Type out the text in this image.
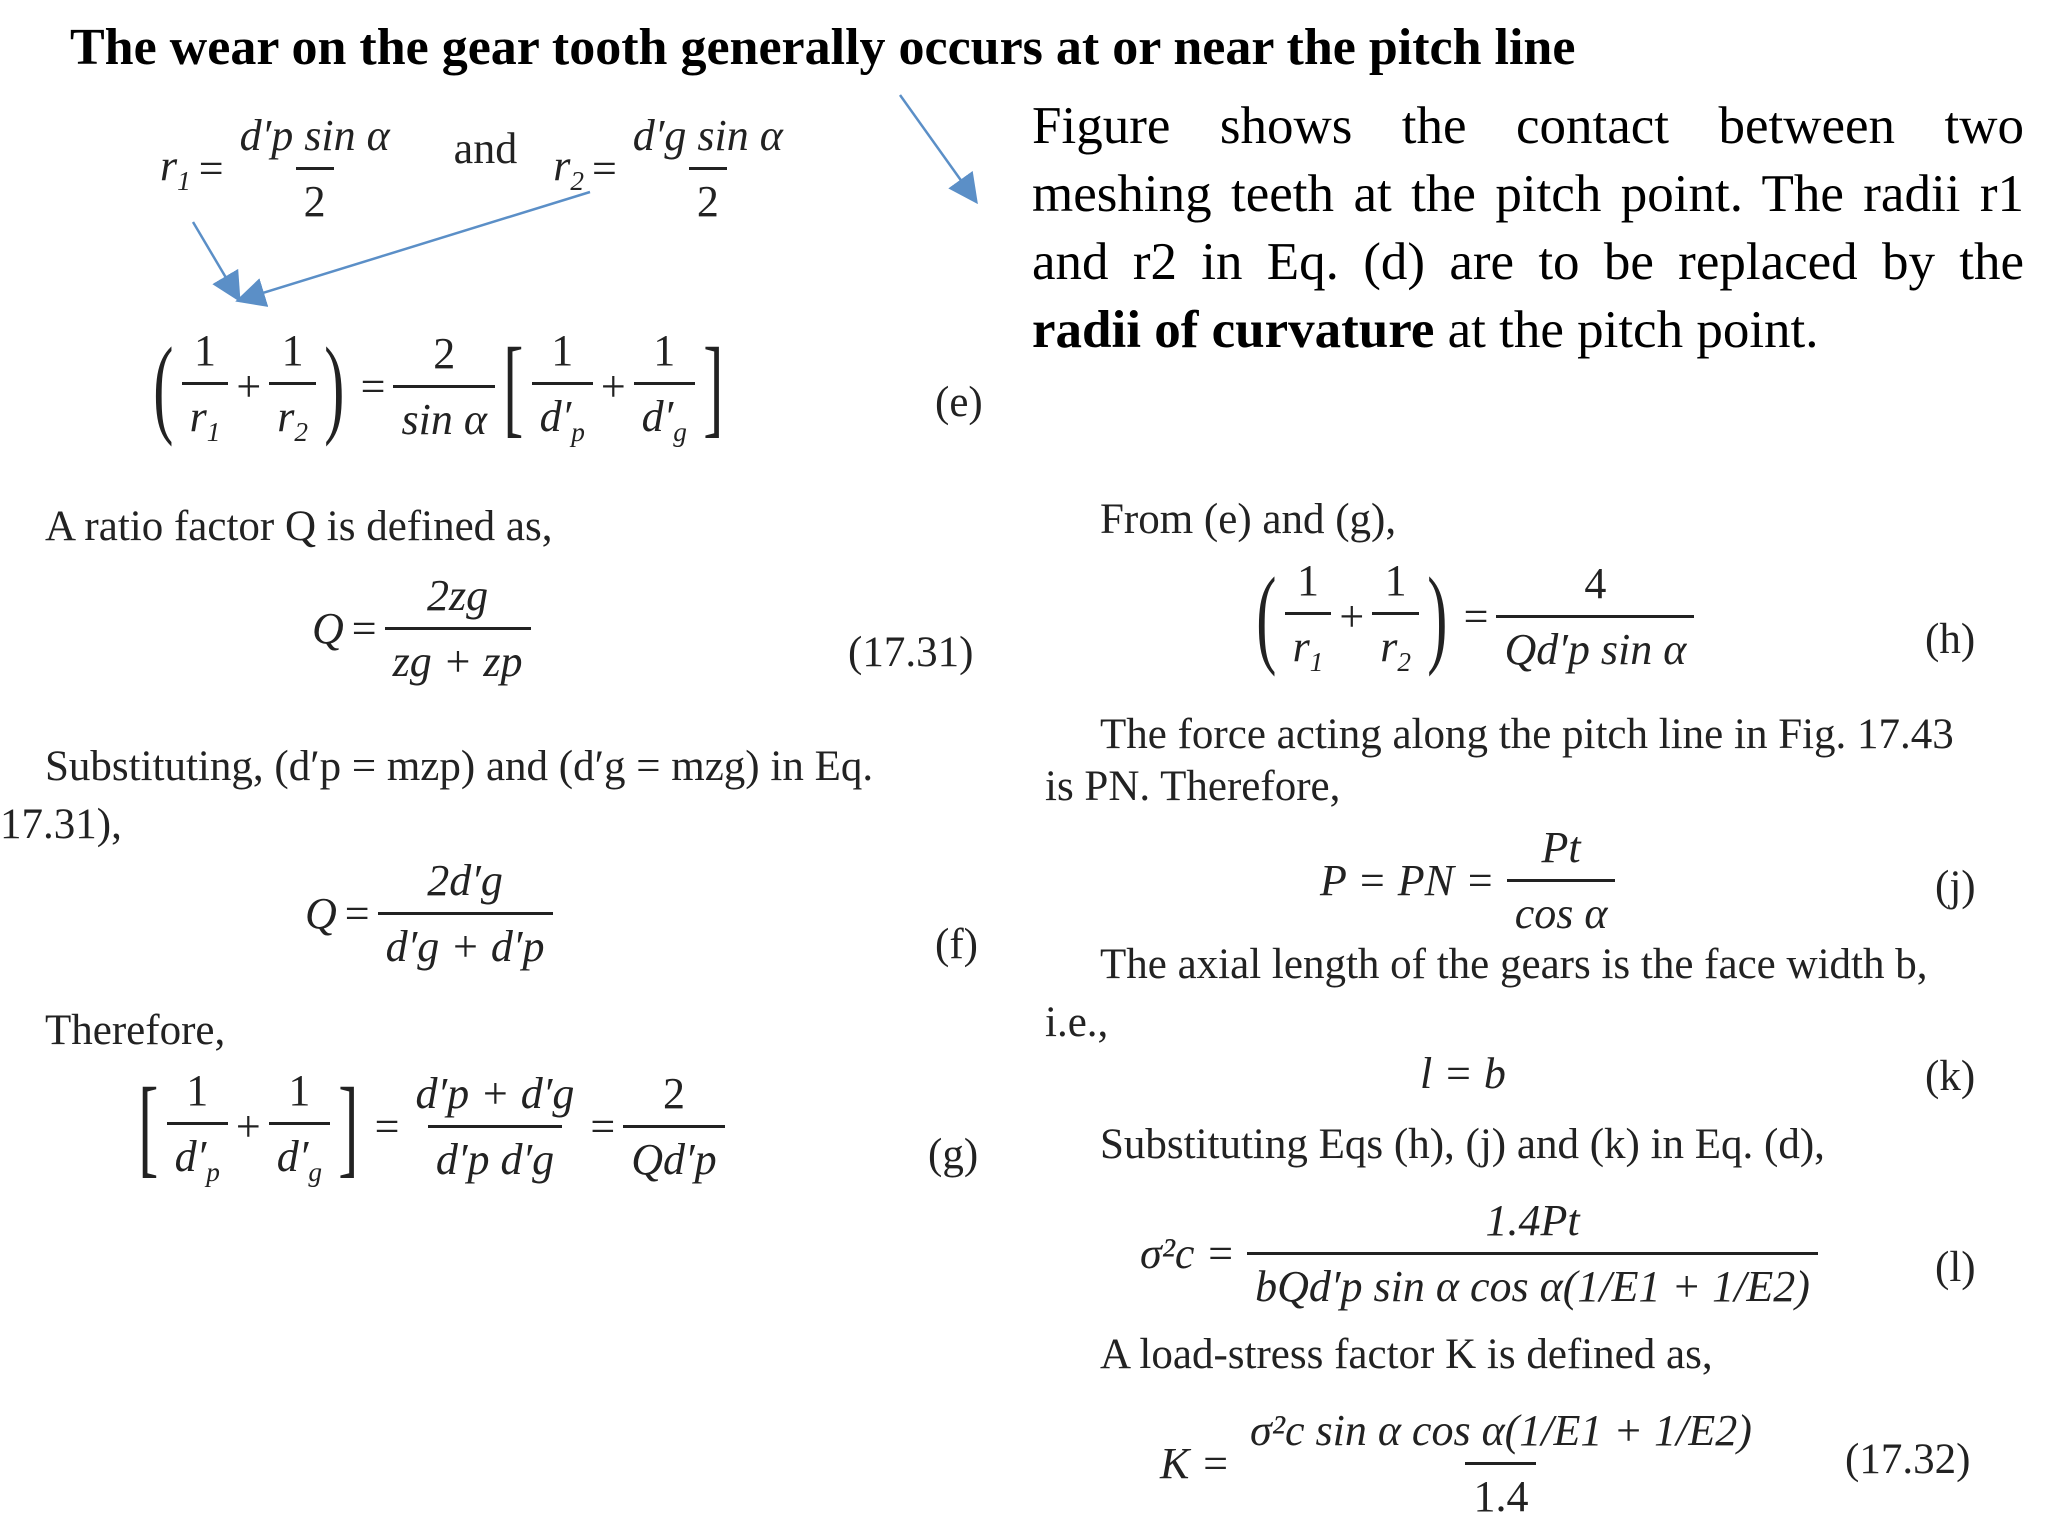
The wear on the gear tooth generally occurs at or near the pitch line
Figure shows the contact between two meshing teeth at the pitch point. The radii r1 and r2 in Eq. (d) are to be replaced by the radii of curvature at the pitch point.
$r_1 = \frac{\text{d′p sin α}}{2}$	and $r_2 = \frac{\text{d′g sin α}}{2}$
( $\frac{1}{r_1} + \frac{1}{r_2}$ ) = $\frac{2}{\text{sin α}}$ [ $\frac{1}{d'_p} + \frac{1}{d'_g}$ ]	(e)
A ratio factor Q is defined as,
$Q = \frac{2zg}{zg + zp}$	(17.31)
Substituting, (d′p = mzp) and (d′g = mzg) in Eq.
17.31),
$Q = \frac{2d'g}{d'g + d'p}$	(f)
Therefore,
[ $\frac{1}{d'_p} + \frac{1}{d'_g}$ ] = $\frac{d'p + d'g}{\text{d′p d′g}} = \frac{2}{Qd'p}$	(g)
From (e) and (g),
( $\frac{1}{r_1} + \frac{1}{r_2}$ ) = $\frac{4}{\text{Qd′p sin α}}$	(h)
The force acting along the pitch line in Fig. 17.43
is PN. Therefore,
P = PN = $\frac{Pt}{\text{cos α}}$	(j)
The axial length of the gears is the face width b,
i.e.,
l = b	(k)
Substituting Eqs (h), (j) and (k) in Eq. (d),
$\sigma^2c = \frac{1.4Pt}{\text{bQd′p sin α cos α(1/E1 + 1/E2)}}$	(l)
A load-stress factor K is defined as,
$K = \frac{\text{σ²c sin α cos α(1/E1 + 1/E2)}}{1.4} (17.32)$
